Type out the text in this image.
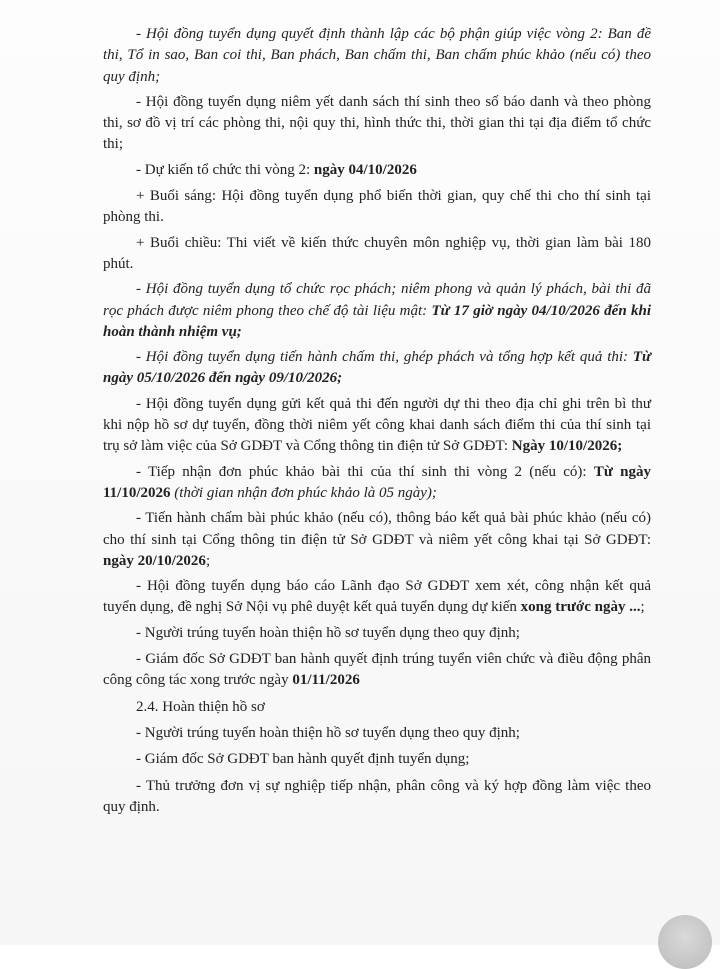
- Hội đồng tuyển dụng quyết định thành lập các bộ phận giúp việc vòng 2: Ban đề thi, Tổ in sao, Ban coi thi, Ban phách, Ban chấm thi, Ban chấm phúc khảo (nếu có) theo quy định;

- Hội đồng tuyển dụng niêm yết danh sách thí sinh theo số báo danh và theo phòng thi, sơ đồ vị trí các phòng thi, nội quy thi, hình thức thi, thời gian thi tại địa điểm tổ chức thi;

- Dự kiến tổ chức thi vòng 2: ngày 04/10/2026

+ Buổi sáng: Hội đồng tuyển dụng phổ biến thời gian, quy chế thi cho thí sinh tại phòng thi.

+ Buổi chiều: Thi viết về kiến thức chuyên môn nghiệp vụ, thời gian làm bài 180 phút.

- Hội đồng tuyển dụng tổ chức rọc phách; niêm phong và quản lý phách, bài thi đã rọc phách được niêm phong theo chế độ tài liệu mật: Từ 17 giờ ngày 04/10/2026 đến khi hoàn thành nhiệm vụ;

- Hội đồng tuyển dụng tiến hành chấm thi, ghép phách và tổng hợp kết quả thi: Từ ngày 05/10/2026 đến ngày 09/10/2026;

- Hội đồng tuyển dụng gửi kết quả thi đến người dự thi theo địa chỉ ghi trên bì thư khi nộp hồ sơ dự tuyển, đồng thời niêm yết công khai danh sách điểm thi của thí sinh tại trụ sở làm việc của Sở GDĐT và Cổng thông tin điện tử Sở GDĐT: Ngày 10/10/2026;

- Tiếp nhận đơn phúc khảo bài thi của thí sinh thi vòng 2 (nếu có): Từ ngày 11/10/2026 (thời gian nhận đơn phúc khảo là 05 ngày);

- Tiến hành chấm bài phúc khảo (nếu có), thông báo kết quả bài phúc khảo (nếu có) cho thí sinh tại Cổng thông tin điện tử Sở GDĐT và niêm yết công khai tại Sở GDĐT: ngày 20/10/2026;

- Hội đồng tuyển dụng báo cáo Lãnh đạo Sở GDĐT xem xét, công nhận kết quả tuyển dụng, đề nghị Sở Nội vụ phê duyệt kết quả tuyển dụng dự kiến xong trước ngày ...;

- Người trúng tuyển hoàn thiện hồ sơ tuyển dụng theo quy định;

- Giám đốc Sở GDĐT ban hành quyết định trúng tuyển viên chức và điều động phân công công tác xong trước ngày 01/11/2026

2.4. Hoàn thiện hồ sơ

- Người trúng tuyển hoàn thiện hồ sơ tuyển dụng theo quy định;

- Giám đốc Sở GDĐT ban hành quyết định tuyển dụng;

- Thủ trưởng đơn vị sự nghiệp tiếp nhận, phân công và ký hợp đồng làm việc theo quy định.
